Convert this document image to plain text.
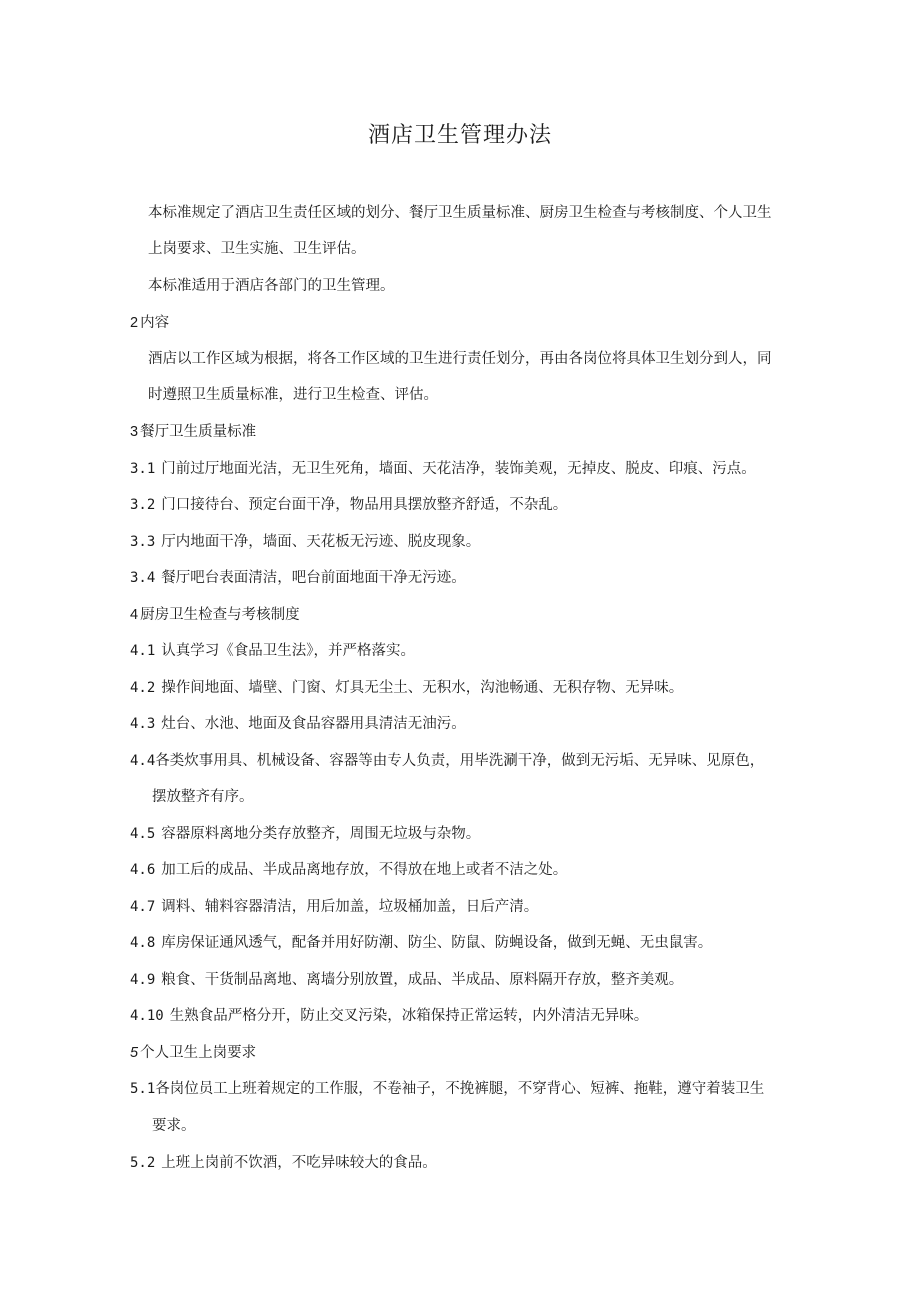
酒店卫生管理办法
本标准规定了酒店卫生责任区域的划分、餐厅卫生质量标准、厨房卫生检查与考核制度、个人卫生
上岗要求、卫生实施、卫生评估。
本标准适用于酒店各部门的卫生管理。
2 内容
酒店以工作区域为根据，将各工作区域的卫生进行责任划分，再由各岗位将具体卫生划分到人，同
时遵照卫生质量标准，进行卫生检查、评估。
3 餐厅卫生质量标准
3.1 门前过厅地面光洁，无卫生死角，墙面、天花洁净，装饰美观，无掉皮、脱皮、印痕、污点。
3.2 门口接待台、预定台面干净，物品用具摆放整齐舒适，不杂乱。
3.3 厅内地面干净，墙面、天花板无污迹、脱皮现象。
3.4 餐厅吧台表面清洁，吧台前面地面干净无污迹。
4 厨房卫生检查与考核制度
4.1 认真学习《食品卫生法》，并严格落实。
4.2 操作间地面、墙壁、门窗、灯具无尘土、无积水，沟池畅通、无积存物、无异味。
4.3 灶台、水池、地面及食品容器用具清洁无油污。
4.4各类炊事用具、机械设备、容器等由专人负责，用毕洗涮干净，做到无污垢、无异味、见原色，
摆放整齐有序。
4.5 容器原料离地分类存放整齐，周围无垃圾与杂物。
4.6 加工后的成品、半成品离地存放，不得放在地上或者不洁之处。
4.7 调料、辅料容器清洁，用后加盖，垃圾桶加盖，日后产清。
4.8 库房保证通风透气，配备并用好防潮、防尘、防鼠、防蝇设备，做到无蝇、无虫鼠害。
4.9 粮食、干货制品离地、离墙分别放置，成品、半成品、原料隔开存放，整齐美观。
4.10 生熟食品严格分开，防止交叉污染，冰箱保持正常运转，内外清洁无异味。
5 个人卫生上岗要求
5.1各岗位员工上班着规定的工作服，不卷袖子，不挽裤腿，不穿背心、短裤、拖鞋，遵守着装卫生
要求。
5.2 上班上岗前不饮酒，不吃异味较大的食品。
